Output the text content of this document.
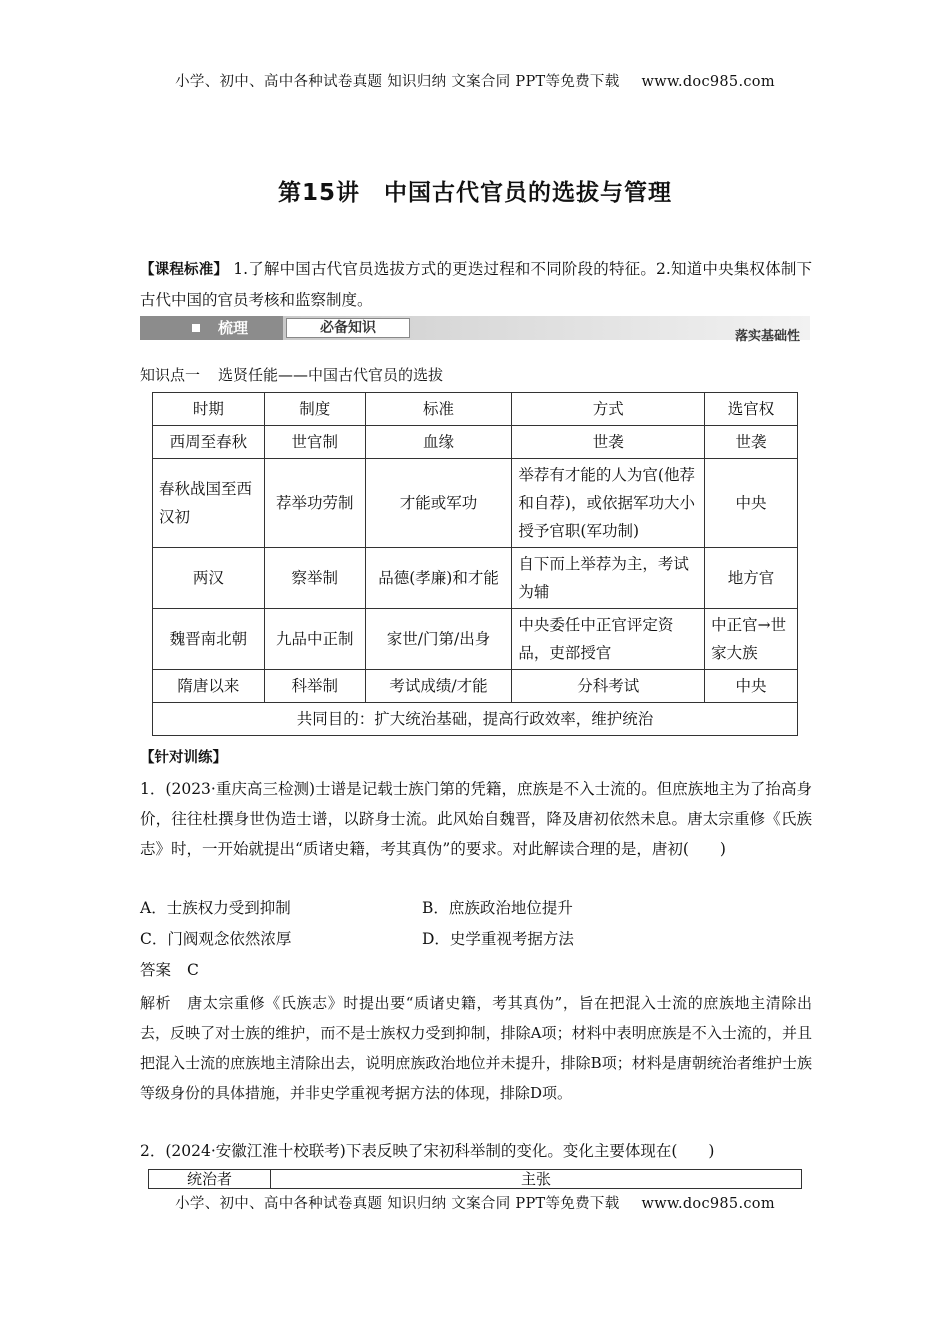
小学、初中、高中各种试卷真题 知识归纳 文案合同 PPT等免费下载 www.doc985.com
第15讲 中国古代官员的选拔与管理
【课程标准】 1.了解中国古代官员选拔方式的更迭过程和不同阶段的特征。2.知道中央集权体制下古代中国的官员考核和监察制度。
梳理	必备知识
落实基础性
知识点一 选贤任能——中国古代官员的选拔
时期	制度	标准	方式	选官权
西周至春秋	世官制	血缘	世袭	世袭
春秋战国至西汉初	荐举功劳制	才能或军功	举荐有才能的人为官(他荐和自荐)，或依据军功大小授予官职(军功制)	中央
两汉	察举制	品德(孝廉)和才能	自下而上举荐为主，考试为辅	地方官
魏晋南北朝	九品中正制	家世/门第/出身	中央委任中正官评定资品，吏部授官	中正官→世家大族
隋唐以来	科举制	考试成绩/才能	分科考试	中央
共同目的：扩大统治基础，提高行政效率，维护统治				
【针对训练】
1．(2023·重庆高三检测)士谱是记载士族门第的凭籍，庶族是不入士流的。但庶族地主为了抬高身价，往往杜撰身世伪造士谱，以跻身士流。此风始自魏晋，降及唐初依然未息。唐太宗重修《氏族志》时，一开始就提出“质诸史籍，考其真伪”的要求。对此解读合理的是，唐初(　　)
A．士族权力受到抑制	B．庶族政治地位提升
C．门阀观念依然浓厚	D．史学重视考据方法
答案 C
解析 唐太宗重修《氏族志》时提出要“质诸史籍，考其真伪”，旨在把混入士流的庶族地主清除出去，反映了对士族的维护，而不是士族权力受到抑制，排除A项；材料中表明庶族是不入士流的，并且把混入士流的庶族地主清除出去，说明庶族政治地位并未提升，排除B项；材料是唐朝统治者维护士族等级身份的具体措施，并非史学重视考据方法的体现，排除D项。
2．(2024·安徽江淮十校联考)下表反映了宋初科举制的变化。变化主要体现在(　　)
统治者	主张
小学、初中、高中各种试卷真题 知识归纳 文案合同 PPT等免费下载 www.doc985.com
